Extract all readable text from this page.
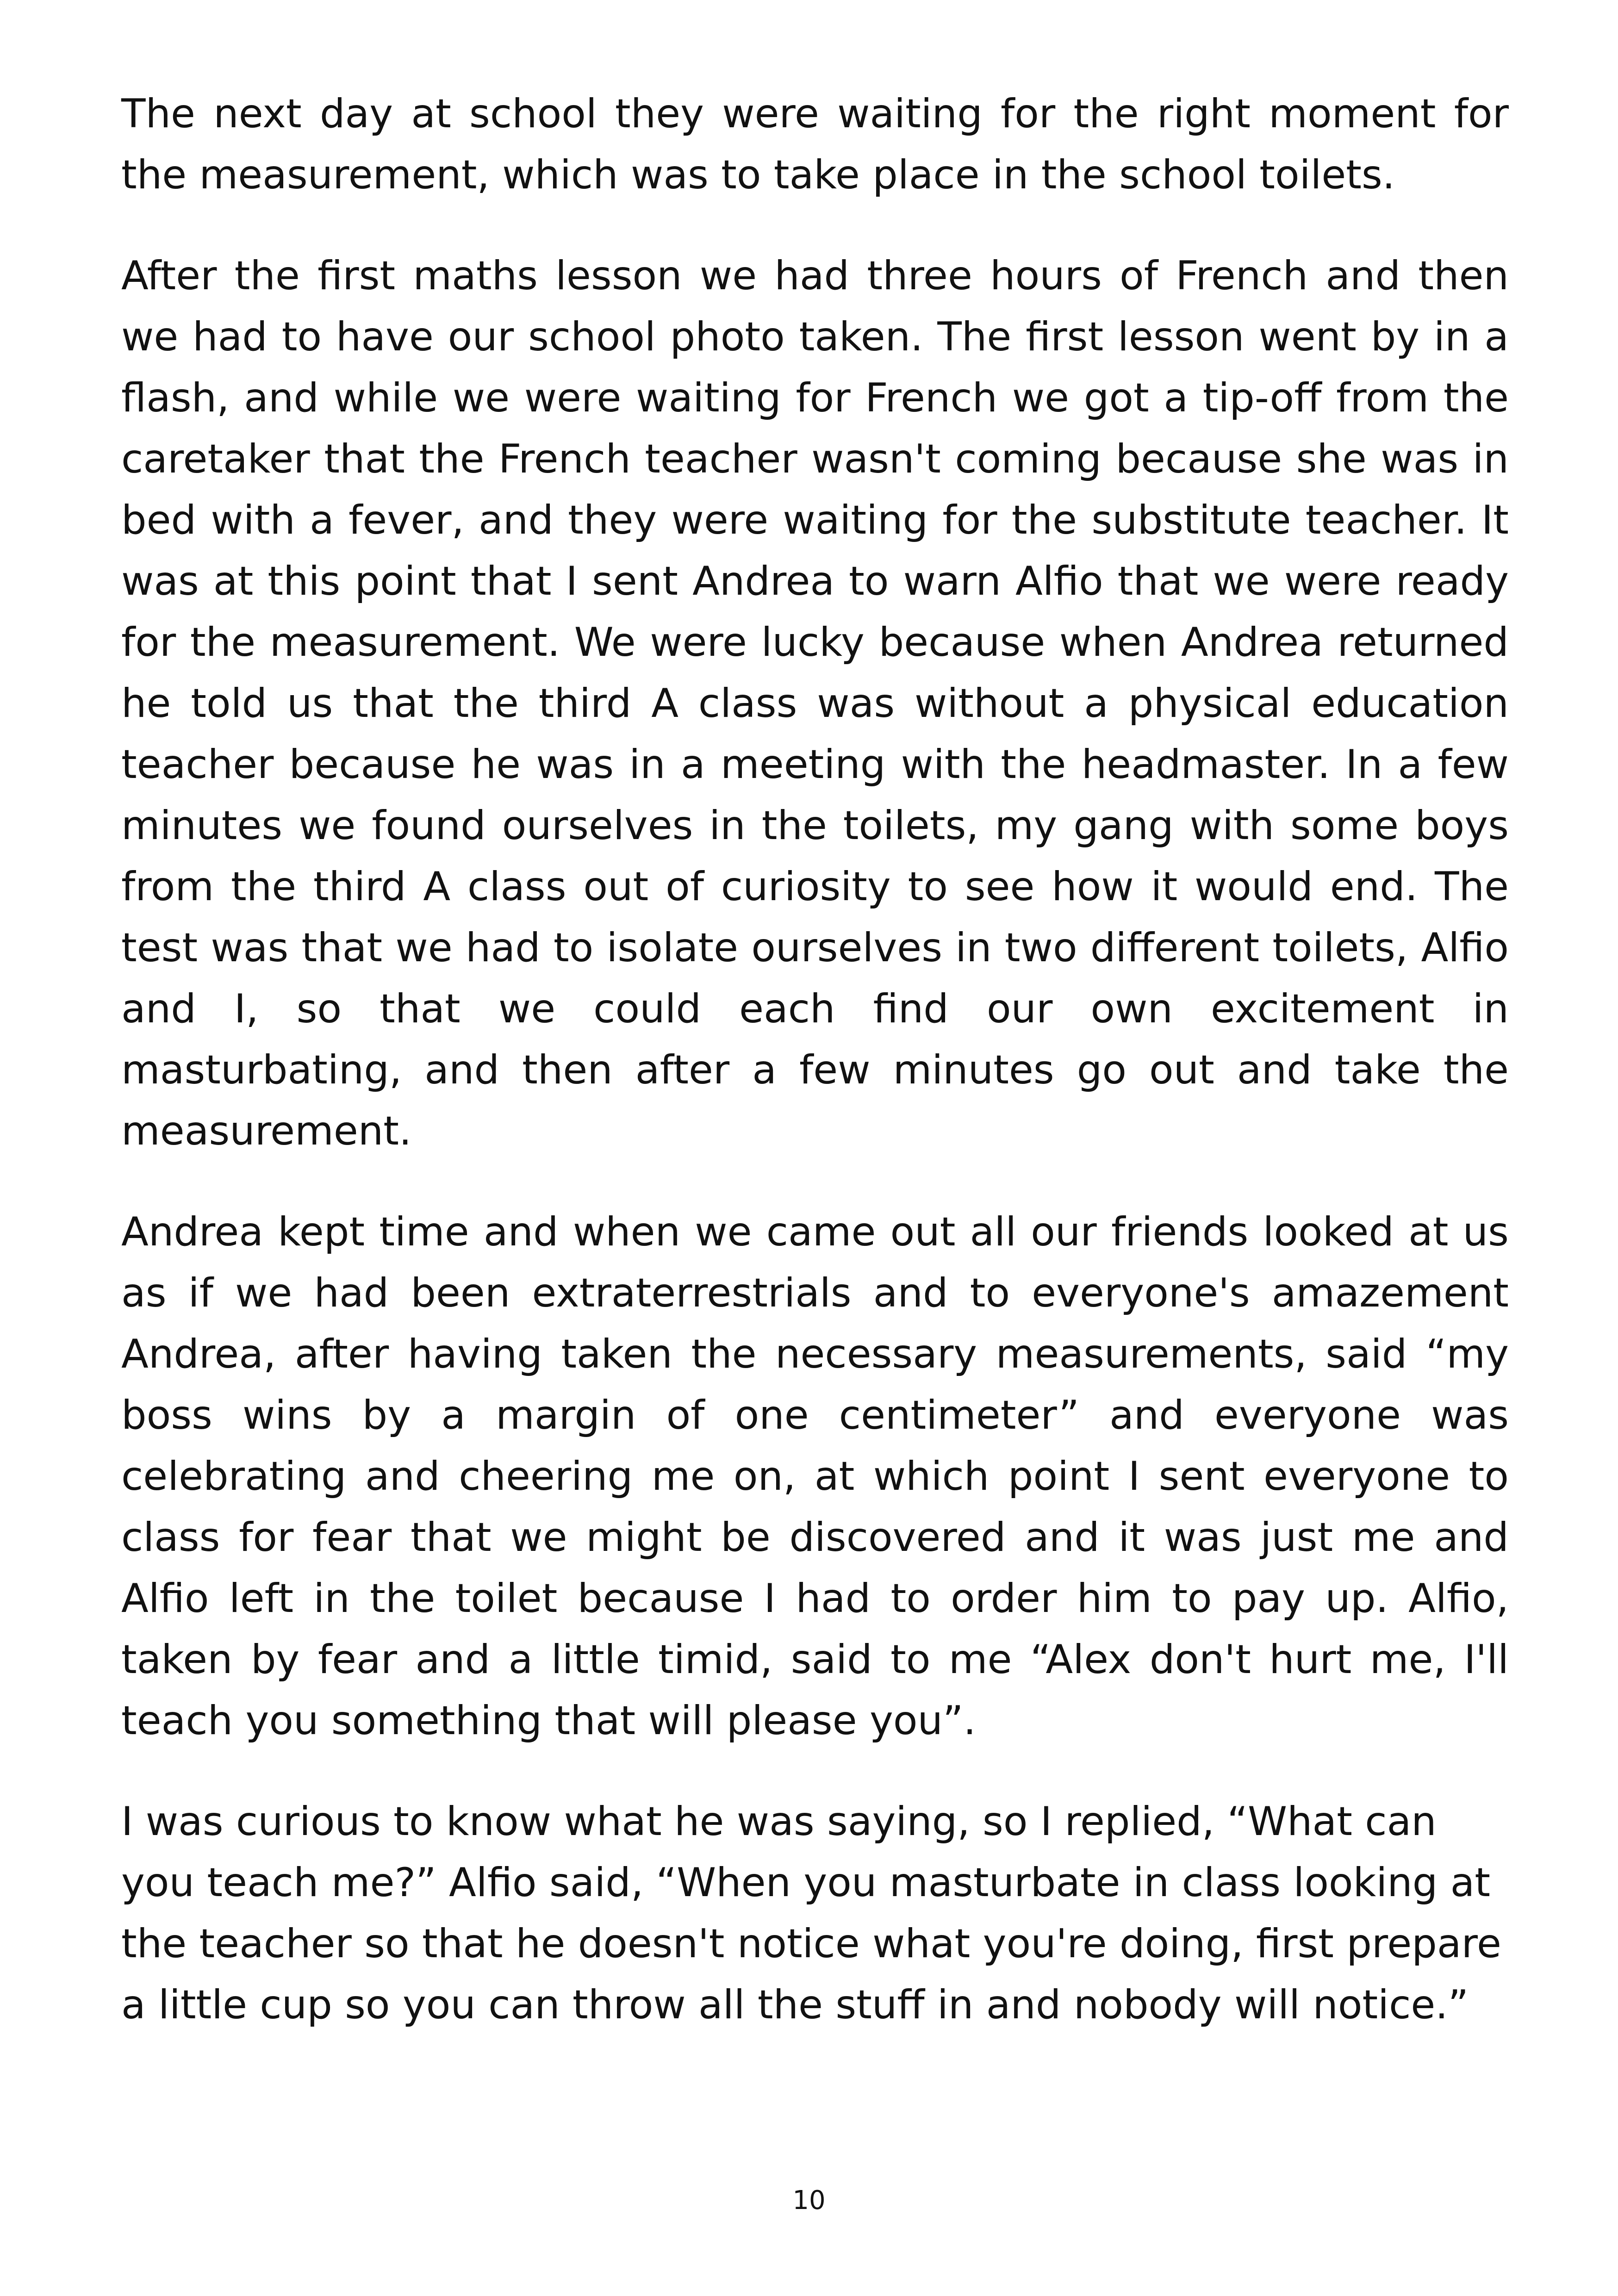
The next day at school they were waiting for the right moment for the measurement, which was to take place in the school toilets.

After the first maths lesson we had three hours of French and then we had to have our school photo taken. The first lesson went by in a flash, and while we were waiting for French we got a tip-off from the caretaker that the French teacher wasn't coming because she was in bed with a fever, and they were waiting for the substitute teacher. It was at this point that I sent Andrea to warn Alfio that we were ready for the measurement. We were lucky because when Andrea returned he told us that the third A class was without a physical education teacher because he was in a meeting with the headmaster. In a few minutes we found ourselves in the toilets, my gang with some boys from the third A class out of curiosity to see how it would end. The test was that we had to isolate ourselves in two different toilets, Alfio and I, so that we could each find our own excitement in masturbating, and then after a few minutes go out and take the measurement.

Andrea kept time and when we came out all our friends looked at us as if we had been extraterrestrials and to everyone's amazement Andrea, after having taken the necessary measurements, said “my boss wins by a margin of one centimeter” and everyone was celebrating and cheering me on, at which point I sent everyone to class for fear that we might be discovered and it was just me and Alfio left in the toilet because I had to order him to pay up. Alfio, taken by fear and a little timid, said to me “Alex don't hurt me, I'll teach you something that will please you”.

I was curious to know what he was saying, so I replied, “What can you teach me?” Alfio said, “When you masturbate in class looking at the teacher so that he doesn't notice what you're doing, first prepare a little cup so you can throw all the stuff in and nobody will notice.”

10
